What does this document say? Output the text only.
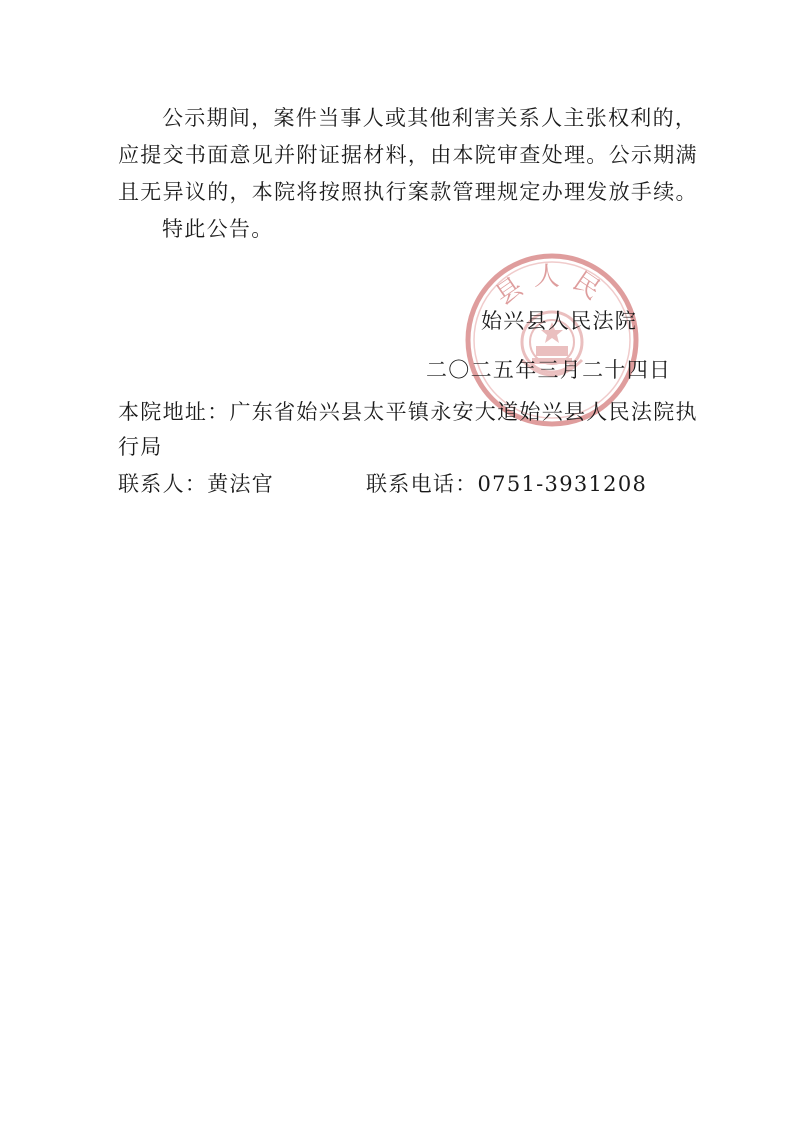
公示期间，案件当事人或其他利害关系人主张权利的，
应提交书面意见并附证据材料，由本院审查处理。公示期满
且无异议的，本院将按照执行案款管理规定办理发放手续。
特此公告。
县人民
始兴县人民法院
二〇二五年三月二十四日
本院地址：广东省始兴县太平镇永安大道始兴县人民法院执
行局
联系人：黄法官	联系电话：0751-3931208
